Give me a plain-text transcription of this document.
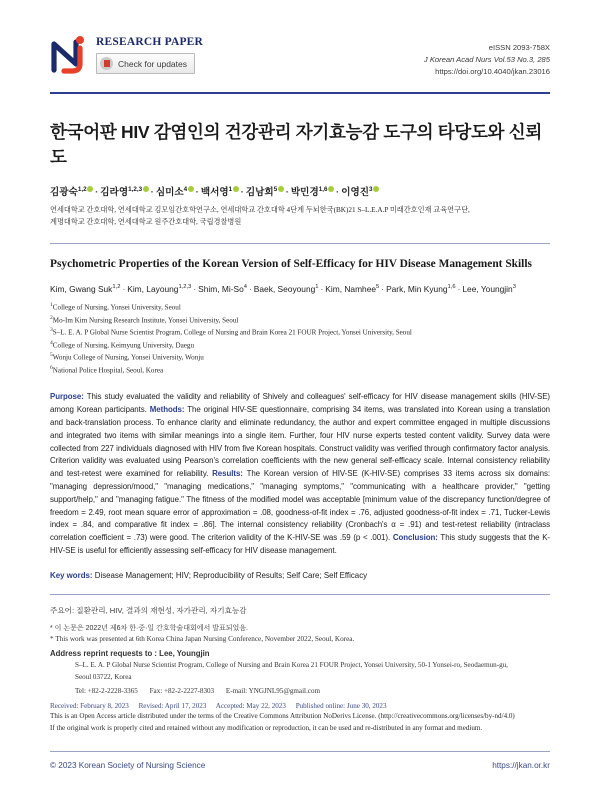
RESEARCH PAPER
Check for updates
eISSN 2093-758X
J Korean Acad Nurs Vol.53 No.3, 285
https://doi.org/10.4040/jkan.23016
한국어판 HIV 감염인의 건강관리 자기효능감 도구의 타당도와 신뢰도
김광숙$^{1,2}$ · 김라영$^{1,2,3}$ · 심미소$^4$ · 백서영$^1$ · 김남희$^5$ · 박민경$^{1,6}$ · 이영진$^3$
연세대학교 간호대학, 연세대학교 김모임간호학연구소, 연세대학교 간호대학 4단계 두뇌한국(BK)21 S–L.E.A.P 미래간호인재 교육연구단,
계명대학교 간호대학, 연세대학교 원주간호대학, 국립경찰병원
Psychometric Properties of the Korean Version of Self-Efficacy for HIV Disease Management Skills
Kim, Gwang Suk$^{1,2}$ · Kim, Layoung$^{1,2,3}$ · Shim, $Mi-So^4$ · Baek, Seoyoung$^1$ · Kim, Namhee$^5$ · Park, Min Kyung$^{1,6}$ · Lee, Youngjin$^3$
$^1$College of Nursing, Yonsei University, Seoul
$^2$Mo-Im Kim Nursing Research Institute, Yonsei University, Seoul
$^3$S–L. E. A. P Global Nurse Scientist Program, College of Nursing and Brain Korea 21 FOUR Project, Yonsei University, Seoul
$^4$College of Nursing, Keimyung University, Daegu
$^5$Wonju College of Nursing, Yonsei University, Wonju
$^6$National Police Hospital, Seoul, Korea
Purpose: This study evaluated the validity and reliability of Shively and colleagues' self-efficacy for HIV disease management skills (HIV-SE) among Korean participants. Methods: The original HIV-SE questionnaire, comprising 34 items, was translated into Korean using a translation and back-translation process. To enhance clarity and eliminate redundancy, the author and expert committee engaged in multiple discussions and integrated two items with similar meanings into a single item. Further, four HIV nurse experts tested content validity. Survey data were collected from 227 individuals diagnosed with HIV from five Korean hospitals. Construct validity was verified through confirmatory factor analysis. Criterion validity was evaluated using Pearson's correlation coefficients with the new general self-efficacy scale. Internal consistency reliability and test-retest were examined for reliability. Results: The Korean version of HIV-SE (K-HIV-SE) comprises 33 items across six domains: "managing depression/mood," "managing medications," "managing symptoms," "communicating with a healthcare provider," "getting support/help," and "managing fatigue." The fitness of the modified model was acceptable [minimum value of the discrepancy function/degree of freedom = 2.49, root mean square error of approximation = .08, goodness-of-fit index = .76, adjusted goodness-of-fit index = .71, Tucker-Lewis index = .84, and comparative fit index = .86]. The internal consistency reliability (Cronbach's α = .91) and test-retest reliability (intraclass correlation coefficient = .73) were good. The criterion validity of the K-HIV-SE was .59 (p < .001). Conclusion: This study suggests that the K-HIV-SE is useful for efficiently assessing self-efficacy for HIV disease management.
Key words: Disease Management; HIV; Reproducibility of Results; Self Care; Self Efficacy
주요어: 질환관리, HIV, 결과의 재현성, 자가관리, 자기효능감
* 이 논문은 2022년 제6차 한·중·일 간호학술대회에서 발표되었음.
* This work was presented at 6th Korea China Japan Nursing Conference, November 2022, Seoul, Korea.
Address reprint requests to : Lee, Youngjin
S–L. E. A. P Global Nurse Scientist Program, College of Nursing and Brain Korea 21 FOUR Project, Yonsei University, 50-1 Yonsei-ro, Seodaemun-gu,
Seoul 03722, Korea
Tel: +82-2-2228-3365 Fax: +82-2-2227-8303 E-mail: YNGJNL95@gmail.com
Received: February 8, 2023 Revised: April 17, 2023 Accepted: May 22, 2023 Published online: June 30, 2023
This is an Open Access article distributed under the terms of the Creative Commons Attribution NoDerivs License. (http://creativecommons.org/licenses/by-nd/4.0)
If the original work is properly cited and retained without any modification or reproduction, it can be used and re-distributed in any format and medium.
© 2023 Korean Society of Nursing Science	https://jkan.or.kr
